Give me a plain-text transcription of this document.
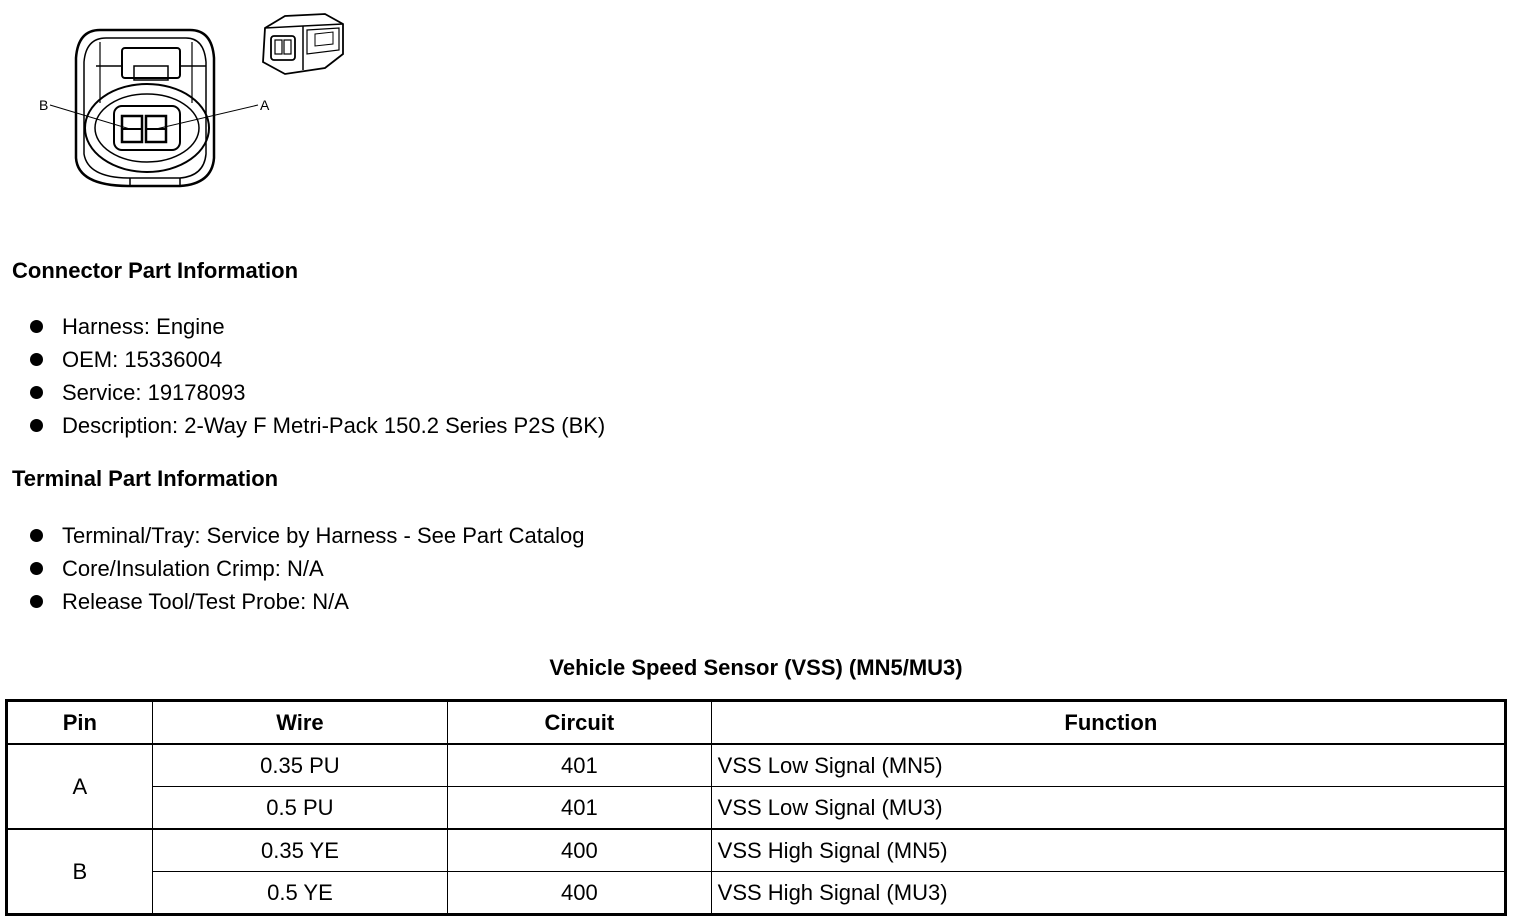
B	A
Connector Part Information
Harness: Engine
OEM: 15336004
Service: 19178093
Description: 2-Way F Metri-Pack 150.2 Series P2S (BK)
Terminal Part Information
Terminal/Tray: Service by Harness - See Part Catalog
Core/Insulation Crimp: N/A
Release Tool/Test Probe: N/A
Vehicle Speed Sensor (VSS) (MN5/MU3)
Pin	Wire	Circuit	Function
A	0.35 PU	401	VSS Low Signal (MN5)
	0.5 PU	401	VSS Low Signal (MU3)
B	0.35 YE	400	VSS High Signal (MN5)
	0.5 YE	400	VSS High Signal (MU3)
